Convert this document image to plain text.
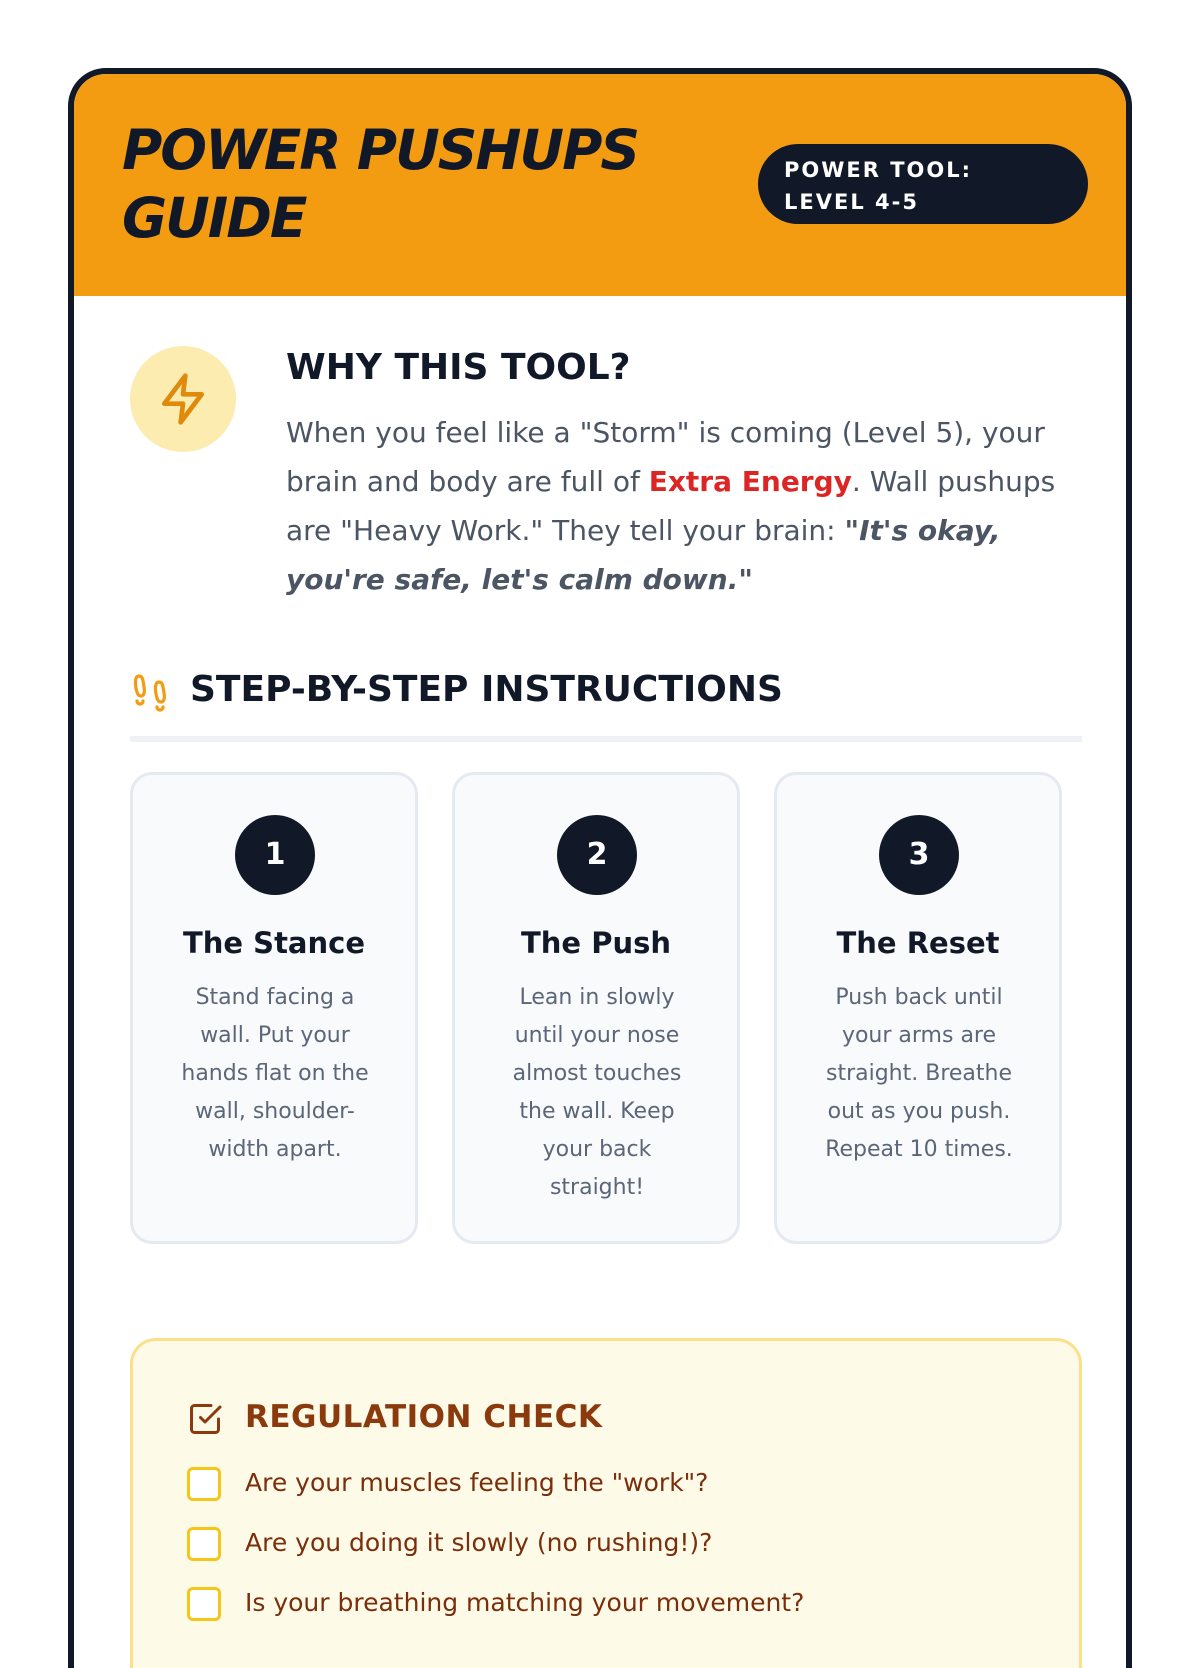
POWER PUSHUPS GUIDE
POWER TOOL: LEVEL 4-5
WHY THIS TOOL?

When you feel like a "Storm" is coming (Level 5), your brain and body are full of Extra Energy. Wall pushups are "Heavy Work." They tell your brain: "It's okay, you're safe, let's calm down."

STEP-BY-STEP INSTRUCTIONS
1
The Stance
Stand facing a wall. Put your hands flat on the wall, shoulder-width apart.
2
The Push
Lean in slowly until your nose almost touches the wall. Keep your back straight!
3
The Reset
Push back until your arms are straight. Breathe out as you push. Repeat 10 times.
REGULATION CHECK
Are your muscles feeling the "work"?
Are you doing it slowly (no rushing!)?
Is your breathing matching your movement?
